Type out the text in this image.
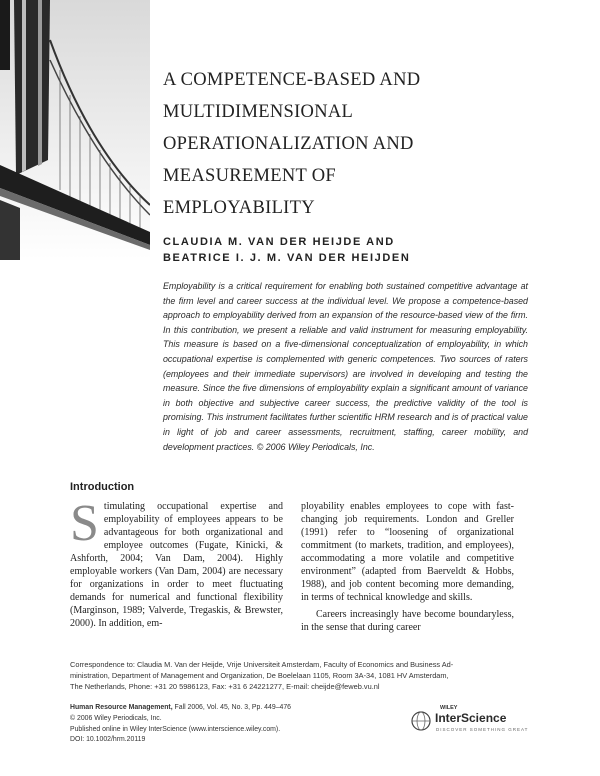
A COMPETENCE-BASED AND
MULTIDIMENSIONAL
OPERATIONALIZATION AND
MEASUREMENT OF
EMPLOYABILITY
CLAUDIA M. VAN DER HEIJDE AND
BEATRICE I. J. M. VAN DER HEIJDEN

Employability is a critical requirement for enabling both sustained competitive advantage at the firm level and career success at the individual level. We propose a competence-based approach to employability derived from an expansion of the resource-based view of the firm. In this contribution, we present a reliable and valid instrument for measuring employability. This measure is based on a five-dimensional conceptualization of employability, in which occupational expertise is complemented with generic competences. Two sources of raters (employees and their immediate supervisors) are involved in developing and testing the measure. Since the five dimensions of employability explain a significant amount of variance in both objective and subjective career success, the predictive validity of the tool is promising. This instrument facilitates further scientific HRM research and is of practical value in light of job and career assessments, recruitment, staffing, career mobility, and development practices. © 2006 Wiley Periodicals, Inc.

Introduction

Stimulating occupational expertise and employability of employees appears to be advantageous for both organizational and employee outcomes (Fugate, Kinicki, & Ashforth, 2004; Van Dam, 2004). Highly employable workers (Van Dam, 2004) are necessary for organizations in order to meet fluctuating demands for numerical and functional flexibility (Marginson, 1989; Valverde, Tregaskis, & Brewster, 2000). In addition, em-

ployability enables employees to cope with fast-changing job requirements. London and Greller (1991) refer to “loosening of organizational commitment (to markets, tradition, and employees), accommodating a more volatile and competitive environment” (adapted from Baerveldt & Hobbs, 1988), and job content becoming more demanding, in terms of technical knowledge and skills.

Careers increasingly have become boundaryless, in the sense that during career

Correspondence to: Claudia M. Van der Heijde, Vrije Universiteit Amsterdam, Faculty of Economics and Business Ad-
ministration, Department of Management and Organization, De Boelelaan 1105, Room 3A-34, 1081 HV Amsterdam,
The Netherlands, Phone: +31 20 5986123, Fax: +31 6 24221277, E-mail: cheijde@feweb.vu.nl
Human Resource Management, Fall 2006, Vol. 45, No. 3, Pp. 449–476
© 2006 Wiley Periodicals, Inc.
Published online in Wiley InterScience (www.interscience.wiley.com).
DOI: 10.1002/hrm.20119
WILEY
InterScience
DISCOVER SOMETHING GREAT
